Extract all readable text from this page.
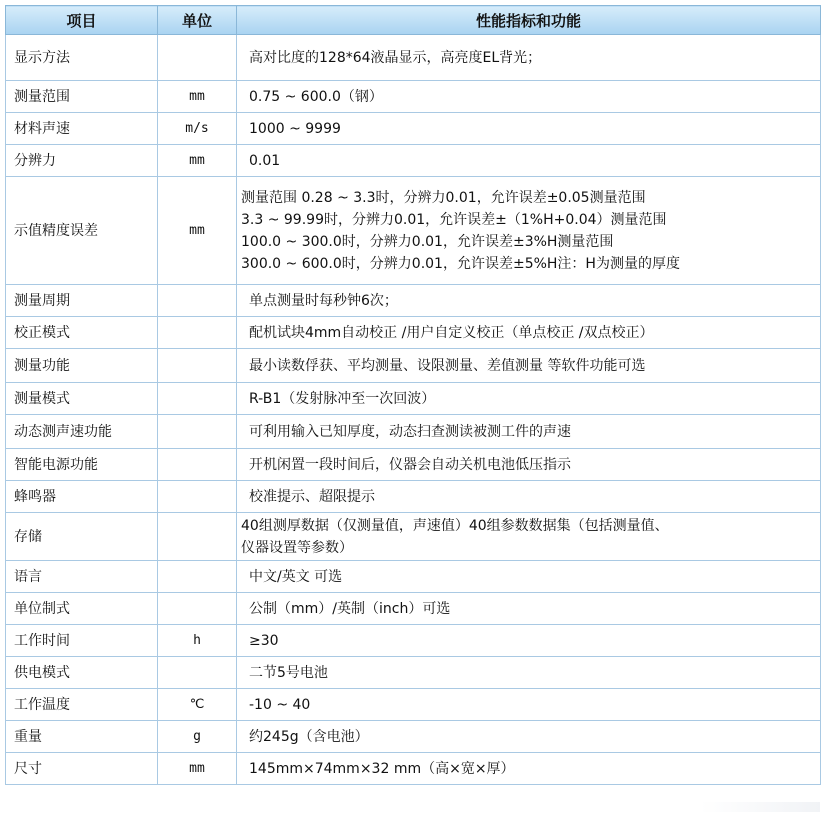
项目	单位	性能指标和功能
显示方法		高对比度的128*64液晶显示，高亮度EL背光；

测量范围	mm	0.75 ~ 600.0（钢）

材料声速	m/s	1000 ~ 9999

分辨力	mm	0.01

示值精度误差	mm	测量范围 0.28 ~ 3.3时，分辨力0.01，允许误差±0.05测量范围
3.3 ~ 99.99时，分辨力0.01，允许误差±（1%H+0.04）测量范围
100.0 ~ 300.0时，分辨力0.01，允许误差±3%H测量范围
300.0 ~ 600.0时，分辨力0.01，允许误差±5%H注：H为测量的厚度

测量周期		单点测量时每秒钟6次；

校正模式		配机试块4mm自动校正 /用户自定义校正（单点校正 /双点校正）

测量功能		最小读数俘获、平均测量、设限测量、差值测量 等软件功能可选

测量模式		R-B1（发射脉冲至一次回波）

动态测声速功能		可利用输入已知厚度，动态扫查测读被测工件的声速

智能电源功能		开机闲置一段时间后，仪器会自动关机电池低压指示

蜂鸣器		校准提示、超限提示

存储		40组测厚数据（仅测量值，声速值）40组参数数据集（包括测量值、
仪器设置等参数）

语言		中文/英文 可选

单位制式		公制（mm）/英制（inch）可选

工作时间	h	≥30

供电模式		二节5号电池

工作温度	℃	-10 ~ 40

重量	g	约245g（含电池）

尺寸	mm	145mm×74mm×32 mm（高×宽×厚）
